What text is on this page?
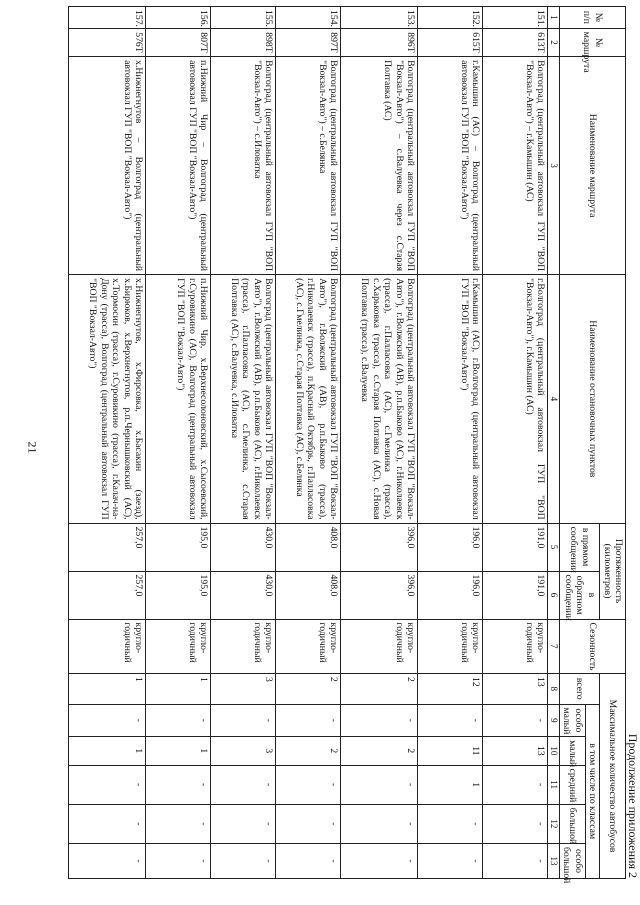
21
Продолжение приложения 2
№ п/п	№ маршрута	Наименование маршрута	Наименование остановочных пунктов	Протяженность (километров)		Сезонность	Максимальное количество автобусов					
				в прямом сообщении	в обратном сообщении		всего	в том числе по классам				
								особо малый	малый	средний	большой	особо большой
1	2	3	4	5	6	7	8	9	10	11	12	13
151.	613Т	Волгоград (центральный автовокзал ГУП "ВОП "Вокзал-Авто") – г.Камышин (АС)	г.Волгоград (центральный автовокзал ГУП "ВОП "Вокзал-Авто"), г.Камышин (АС)	191,0	191,0	кругло-годичный	13	-	13	-	-	-
152.	615Т	г.Камышин (АС) – Волгоград (центральный автовокзал ГУП "ВОП "Вокзал-Авто")	г.Камышин (АС), г.Волгоград (центральный автовокзал ГУП "ВОП "Вокзал-Авто")	196,0	196,0	кругло-годичный	12	-	11	1	-	-
153.	896Т	Волгоград (центральный автовокзал ГУП "ВОП "Вокзал-Авто") – с.Валуевка через с.Старая Полтавка (АС)	Волгоград (центральный автовокзал ГУП "ВОП "Вокзал-Авто"), г.Волжский (АВ), р.п.Быково (АС), г.Николаевск (трасса), г.Палласовка (АС), с.Гмелинка (трасса), с.Харьковка (трасса), с.Старая Полтавка (АС), с.Новая Полтавка (трасса), с.Валуевка	396,0	396,0	кругло-годичный	2	-	2	-	-	-
154.	897Т	Волгоград (центральный автовокзал ГУП "ВОП "Вокзал-Авто") – с.Белянка	Волгоград (центральный автовокзал ГУП "ВОП "Вокзал-Авто"), г.Волжский (АВ), р.п.Быково (трасса), г.Николаевск (трасса), п.Красный Октябрь, г.Палласовка (АС), с.Гмелинка, с.Старая Полтавка (АС), с.Белянка	408,0	408,0	кругло-годичный	2	-	2	-	-	-
155.	898Т	Волгоград (центральный автовокзал ГУП "ВОП "Вокзал-Авто") – с.Иловатка	Волгоград (центральный автовокзал ГУП "ВОП "Вокзал-Авто"), г.Волжский (АВ), р.п.Быково (АС), г.Николаевск (трасса), г.Палласовка (АС), с.Гмелинка, с.Старая Полтавка (АС), с.Валуевка, с.Иловатка	430,0	430,0	кругло-годичный	3	-	3	-	-	-
156.	807Т	п.Нижний Чир – Волгоград (центральный автовокзал ГУП "ВОП "Вокзал-Авто")	п.Нижний Чир, х.Верхнесолоновский, х.Сысоевский, г.Суровикино (АС), Волгоград (центральный автовокзал ГУП "ВОП "Вокзал-Авто")	195,0	195,0	кругло-годичный	1	-	1	-	-	-
157.	576Т	х.Нижнегнутов – Волгоград (центральный автовокзал ГУП "ВОП "Вокзал-Авто")	х.Нижнегнутов, х.Фирсовка, х.Басакин (заезд), х.Бирюков, х.Верхнегнутов, р.п.Чернышковский (АС), х.Тормосин (трасса), г.Суровикино (трасса), г.Калач-на-Дону (трасса), Волгоград (центральный автовокзал ГУП "ВОП "Вокзал-Авто")	257,0	257,0	кругло-годичный	1	-	1	-	-	-
